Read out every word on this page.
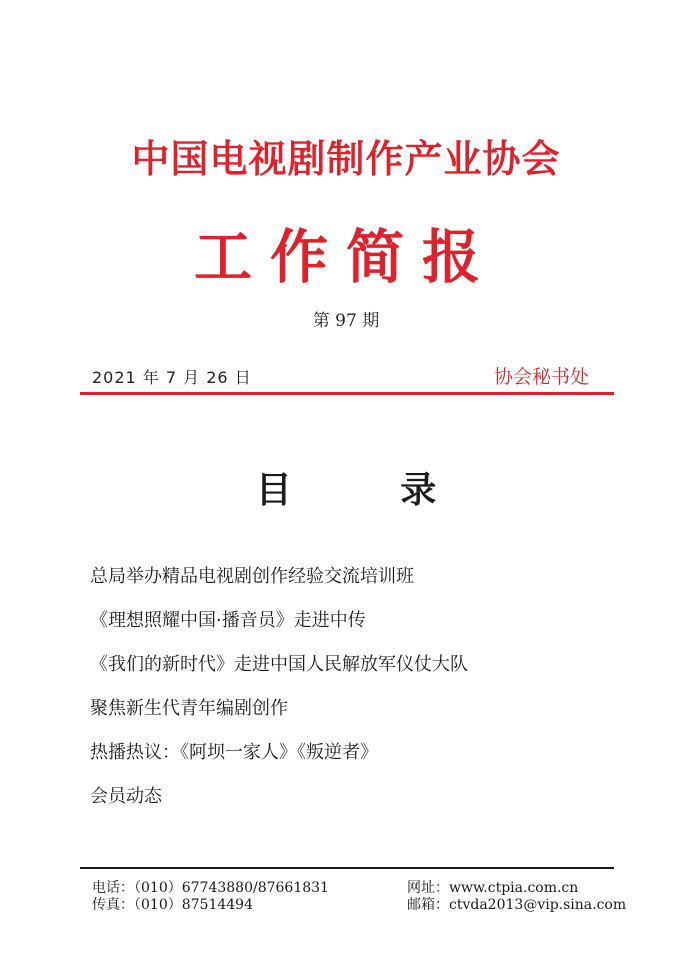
中国电视剧制作产业协会
工作简报
第 97 期
2021 年 7 月 26 日	协会秘书处
目 录
总局举办精品电视剧创作经验交流培训班
《理想照耀中国·播音员》走进中传
《我们的新时代》走进中国人民解放军仪仗大队
聚焦新生代青年编剧创作
热播热议：《阿坝一家人》《叛逆者》
会员动态
电话：（010）67743880/87661831
传真：（010）87514494
网址：www.ctpia.com.cn
邮箱：ctvda2013@vip.sina.com
